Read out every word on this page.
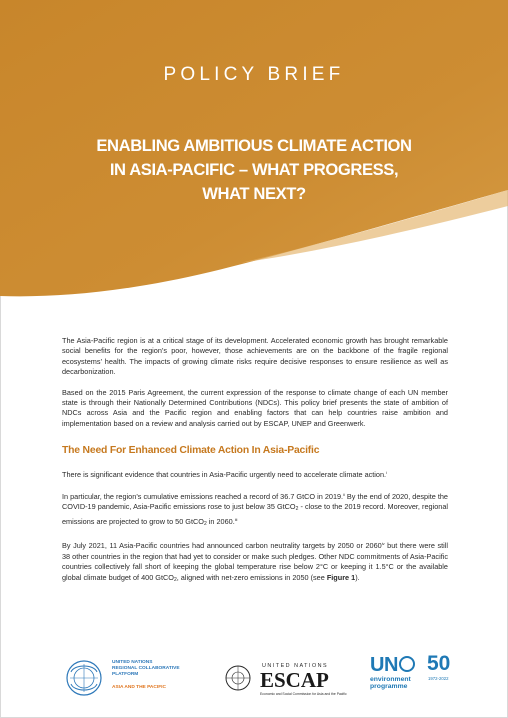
POLICY BRIEF
ENABLING AMBITIOUS CLIMATE ACTION
IN ASIA-PACIFIC – WHAT PROGRESS,
WHAT NEXT?

The Asia-Pacific region is at a critical stage of its development. Accelerated economic growth has brought remarkable social benefits for the region’s poor, however, those achievements are on the backbone of the fragile regional ecosystems’ health. The impacts of growing climate risks require decisive responses to ensure resilience as well as decarbonization.

Based on the 2015 Paris Agreement, the current expression of the response to climate change of each UN member state is through their Nationally Determined Contributions (NDCs). This policy brief presents the state of ambition of NDCs across Asia and the Pacific region and enabling factors that can help countries raise ambition and implementation based on a review and analysis carried out by ESCAP, UNEP and Greenwerk.

The Need For Enhanced Climate Action In Asia-Pacific

There is significant evidence that countries in Asia-Pacific urgently need to accelerate climate action.$^i$

In particular, the region’s cumulative emissions reached a record of 36.7 GtCO in 2019.$^{ii}$ By the end of 2020, despite the COVID-19 pandemic, Asia-Pacific emissions rose to just below 35 GtCO$_2$ - close to the 2019 record. Moreover, regional emissions are projected to grow to 50 GtCO$_2$ in 2060.$^{iii}$

By July 2021, 11 Asia-Pacific countries had announced carbon neutrality targets by 2050 or 2060$^{iv}$ but there were still 38 other countries in the region that had yet to consider or make such pledges. Other NDC commitments of Asia-Pacific countries collectively fall short of keeping the global temperature rise below 2°C or keeping it 1.5°C or the available global climate budget of 400 GtCO$_2$, aligned with net-zero emissions in 2050 (see Figure 1).

UNITED NATIONS
REGIONAL COLLABORATIVE
PLATFORM
ASIA AND THE PACIFIC
UNITED NATIONS
ESCAP
Economic and Social Commission for Asia and the Pacific
UN
environment
programme
50
1972-2022
